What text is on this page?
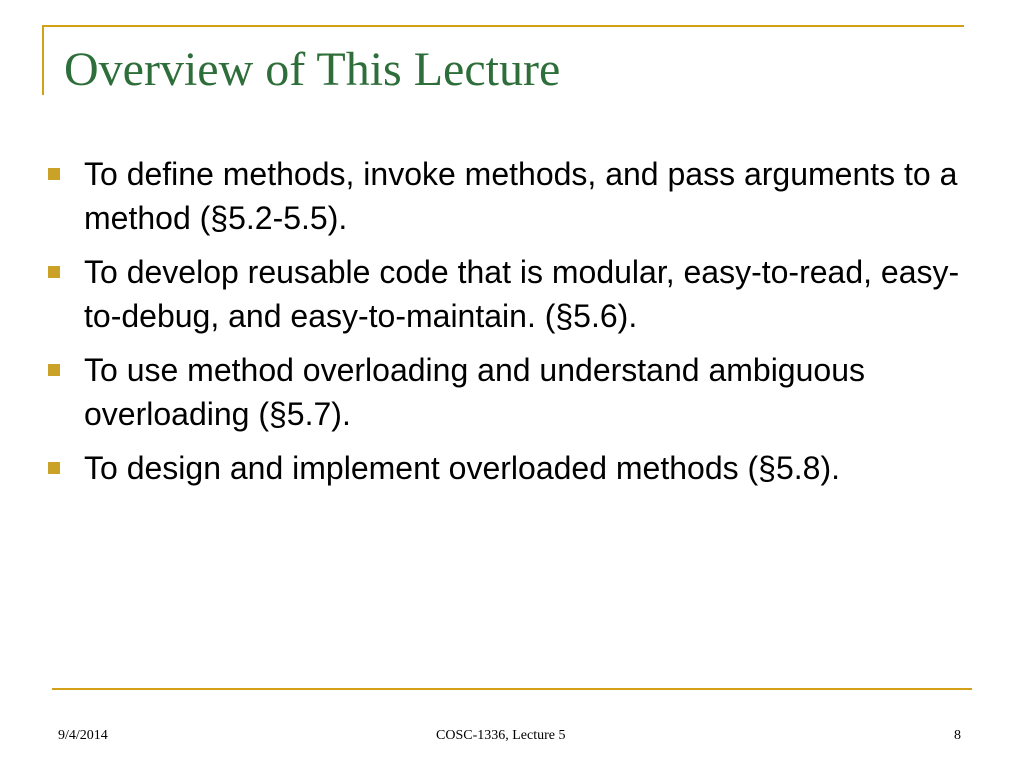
Overview of This Lecture
To define methods, invoke methods, and pass arguments to a method (§5.2-5.5).
To develop reusable code that is modular, easy-to-read, easy-to-debug, and easy-to-maintain. (§5.6).
To use method overloading and understand ambiguous overloading (§5.7).
To design and implement overloaded methods (§5.8).
9/4/2014	COSC-1336, Lecture 5	8
